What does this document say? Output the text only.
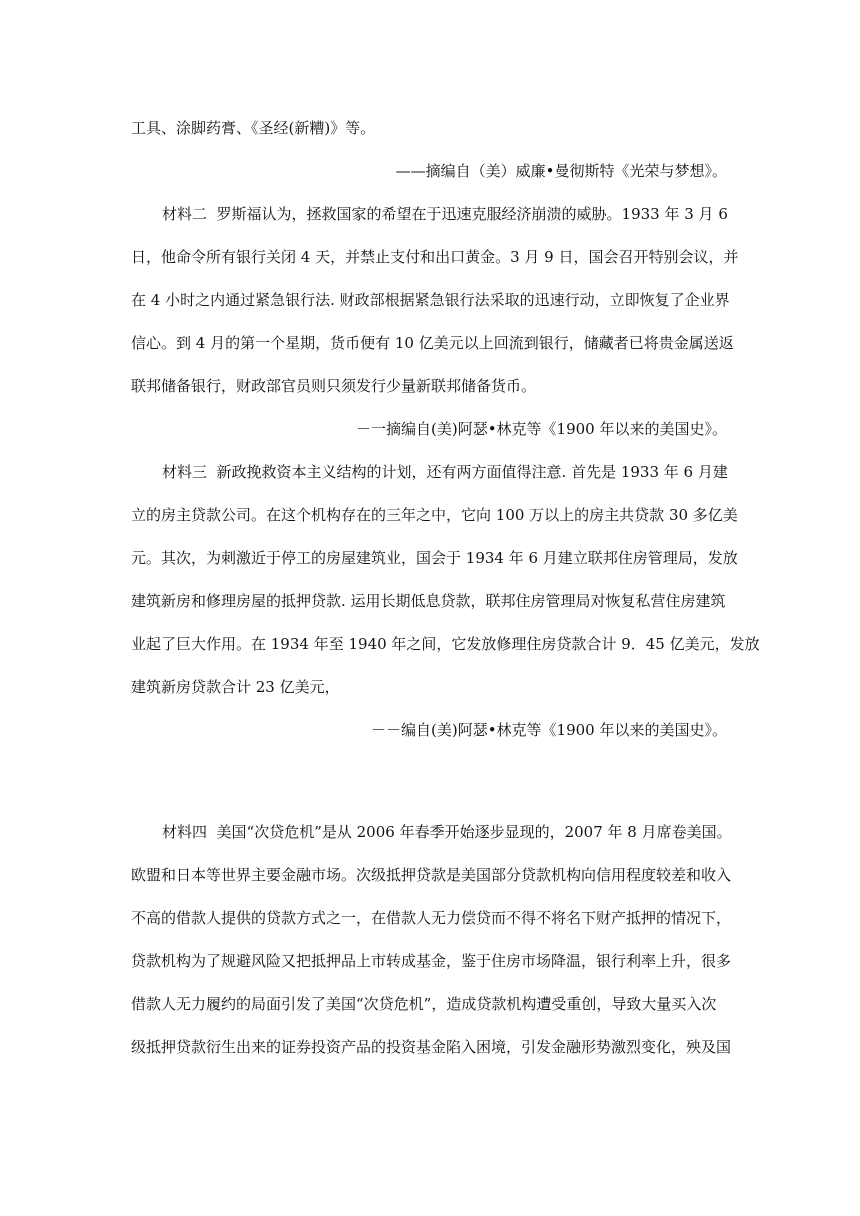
工具、涂脚药膏、《圣经(新糟)》等。
——摘编自（美）威廉•曼彻斯特《光荣与梦想》。
材料二  罗斯福认为，拯救国家的希望在于迅速克服经济崩溃的威胁。1933 年 3 月 6
日，他命令所有银行关闭 4 天，并禁止支付和出口黄金。3 月 9 日，国会召开特别会议，并
在 4 小时之内通过紧急银行法. 财政部根据紧急银行法采取的迅速行动，立即恢复了企业界
信心。到 4 月的第一个星期，货币便有 10 亿美元以上回流到银行，储藏者已将贵金属送返
联邦储备银行，财政部官员则只须发行少量新联邦储备货币。
－一摘编自(美)阿瑟•林克等《1900 年以来的美国史》。
材料三  新政挽救资本主义结构的计划，还有两方面值得注意. 首先是 1933 年 6 月建
立的房主贷款公司。在这个机构存在的三年之中，它向 100 万以上的房主共贷款 30 多亿美
元。其次，为刺激近于停工的房屋建筑业，国会于 1934 年 6 月建立联邦住房管理局，发放
建筑新房和修理房屋的抵押贷款. 运用长期低息贷款，联邦住房管理局对恢复私营住房建筑
业起了巨大作用。在 1934 年至 1940 年之间，它发放修理住房贷款合计 9．45 亿美元，发放
建筑新房贷款合计 23 亿美元，
－－编自(美)阿瑟•林克等《1900 年以来的美国史》。
材料四  美国“次贷危机”是从 2006 年春季开始逐步显现的，2007 年 8 月席卷美国。
欧盟和日本等世界主要金融市场。次级抵押贷款是美国部分贷款机构向信用程度较差和收入
不高的借款人提供的贷款方式之一，在借款人无力偿贷而不得不将名下财产抵押的情况下，
贷款机构为了规避风险又把抵押品上市转成基金，鉴于住房市场降温，银行利率上升，很多
借款人无力履约的局面引发了美国“次贷危机”，造成贷款机构遭受重创，导致大量买入次
级抵押贷款衍生出来的证券投资产品的投资基金陷入困境，引发金融形势激烈变化，殃及国
